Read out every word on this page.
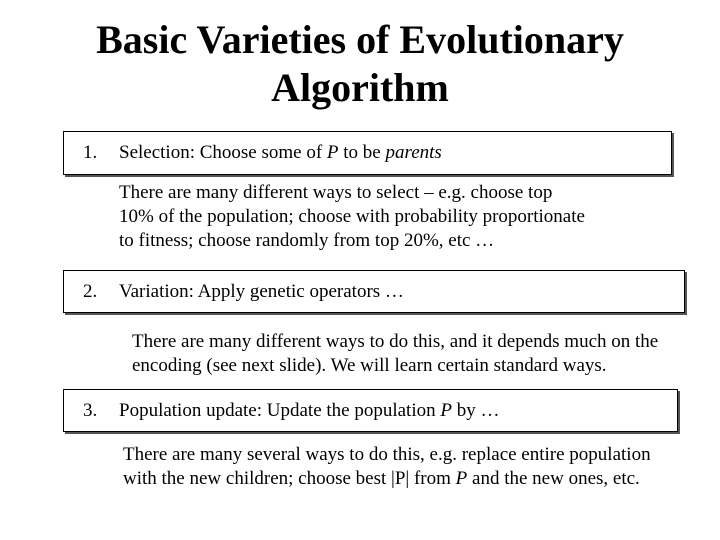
Basic Varieties of Evolutionary
Algorithm
1. Selection: Choose some of P to be parents
There are many different ways to select – e.g. choose top
10% of the population; choose with probability proportionate
to fitness; choose randomly from top 20%, etc …
2. Variation: Apply genetic operators …
There are many different ways to do this, and it depends much on the
encoding (see next slide). We will learn certain standard ways.
3. Population update: Update the population P by …
There are many several ways to do this, e.g. replace entire population
with the new children; choose best |P| from P and the new ones, etc.
